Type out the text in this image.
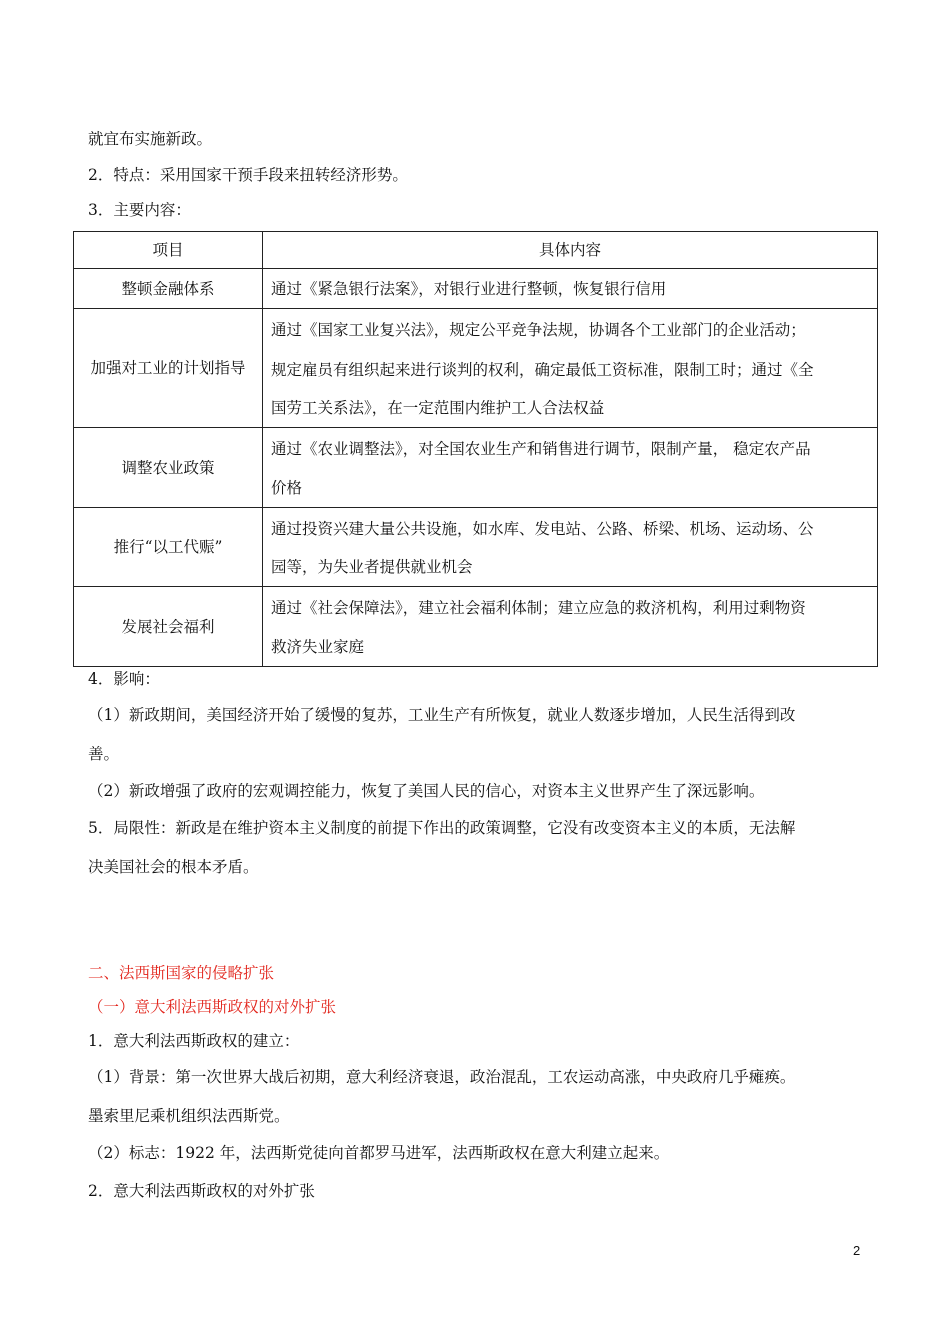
就宜布实施新政。
2．特点：采用国家干预手段来扭转经济形势。
3．主要内容：
项目	具体内容
整顿金融体系	通过《紧急银行法案》，对银行业进行整顿，恢复银行信用

加强对工业的计划指导	通过《国家工业复兴法》，规定公平竞争法规，协调各个工业部门的企业活动；
规定雇员有组织起来进行谈判的权利，确定最低工资标准，限制工时；通过《全
国劳工关系法》，在一定范围内维护工人合法权益

调整农业政策	通过《农业调整法》，对全国农业生产和销售进行调节，限制产量， 稳定农产品
价格

推行“以工代赈”	通过投资兴建大量公共设施，如水库、发电站、公路、桥梁、机场、运动场、公
园等，为失业者提供就业机会

发展社会福利	通过《社会保障法》，建立社会福利体制；建立应急的救济机构，利用过剩物资
救济失业家庭
4．影响：
（1）新政期间，美国经济开始了缓慢的复苏，工业生产有所恢复，就业人数逐步增加，人民生活得到改
善。
（2）新政增强了政府的宏观调控能力，恢复了美国人民的信心，对资本主义世界产生了深远影响。
5．局限性：新政是在维护资本主义制度的前提下作出的政策调整，它没有改变资本主义的本质，无法解
决美国社会的根本矛盾。
二、法西斯国家的侵略扩张
（一）意大利法西斯政权的对外扩张
1．意大利法西斯政权的建立：
（1）背景：第一次世界大战后初期，意大利经济衰退，政治混乱，工农运动高涨，中央政府几乎瘫痪。
墨索里尼乘机组织法西斯党。
（2）标志：1922 年，法西斯党徒向首都罗马进军，法西斯政权在意大利建立起来。
2．意大利法西斯政权的对外扩张
2
